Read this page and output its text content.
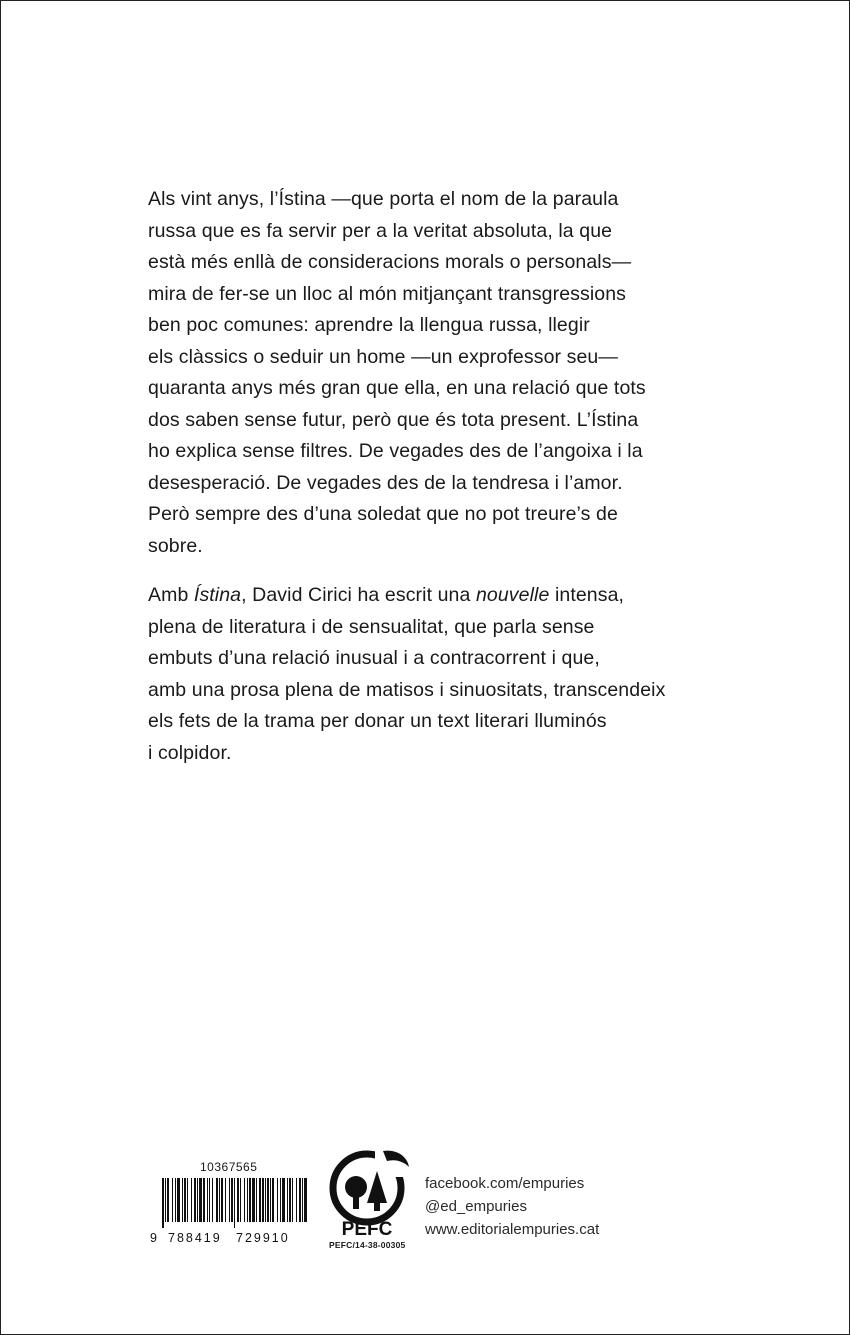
Als vint anys, l’Ístina —que porta el nom de la paraula
russa que es fa servir per a la veritat absoluta, la que
està més enllà de consideracions morals o personals—
mira de fer-se un lloc al món mitjançant transgressions
ben poc comunes: aprendre la llengua russa, llegir
els clàssics o seduir un home —un exprofessor seu—
quaranta anys més gran que ella, en una relació que tots
dos saben sense futur, però que és tota present. L’Ístina
ho explica sense filtres. De vegades des de l’angoixa i la
desesperació. De vegades des de la tendresa i l’amor.
Però sempre des d’una soledat que no pot treure’s de
sobre.

Amb Ístina, David Cirici ha escrit una nouvelle intensa,
plena de literatura i de sensualitat, que parla sense
embuts d’una relació inusual i a contracorrent i que,
amb una prosa plena de matisos i sinuositats, transcendeix
els fets de la trama per donar un text literari lluminós
i colpidor.

10367565
9 788419 729910	PEFC
PEFC/14-38-00305
facebook.com/empuries
@ed_empuries
www.editorialempuries.cat
